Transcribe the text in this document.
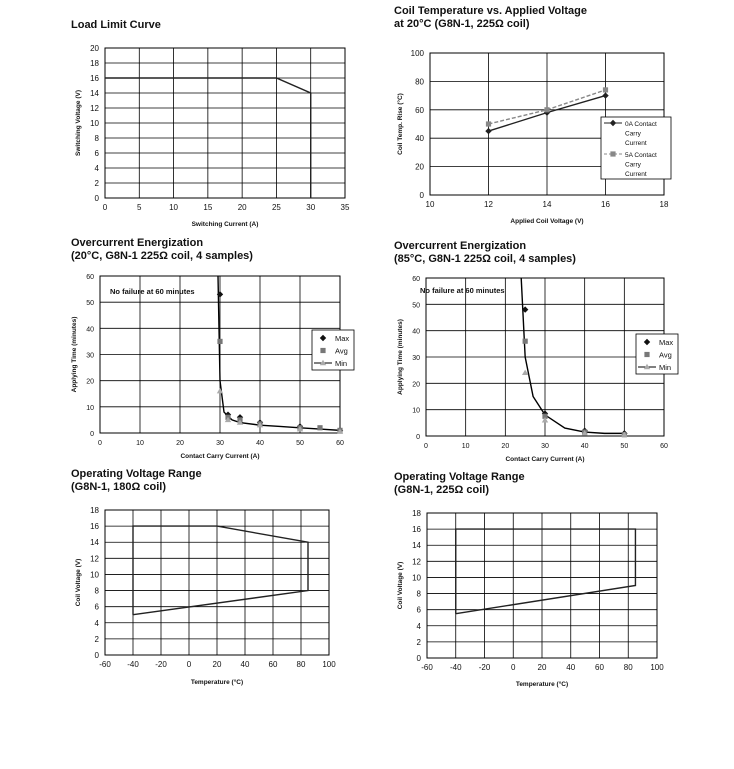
Load Limit Curve
0	5	10	15	20	25	30	35
0
2
4
6
8
10
12
14
16
18
20
Switching Current (A)
Switching Voltage (V)
Coil Temperature vs. Applied Voltage
at 20°C (G8N-1, 225Ω coil)
10	12	14	16	18
0
20
40
60
80
100
Applied Coil Voltage (V)
Coil Temp. Rise (°C)	0A Contact
Carry
Current
5A Contact
Carry
Current
Overcurrent Energization
(20°C, G8N-1 225Ω coil, 4 samples)
0	10	20	30	40	50	60
0
10
20
30
40
50
60
Contact Carry Current (A)
Applying Time (minutes)
No failure at 60 minutes
Max
Avg
Min
Overcurrent Energization
(85°C, G8N-1 225Ω coil, 4 samples)
0	10	20	30	40	50	60
0
10
20
30
40
50
60
Contact Carry Current (A)
Applying Time (minutes)
No failure at 60 minutes
Max
Avg
Min
Operating Voltage Range
(G8N-1, 180Ω coil)
-60 -40 -20 0	20 40 60 80 100
0
2
4
6
8
10
12
14
16
18
Temperature (°C)
Coil Voltage (V)
Operating Voltage Range
(G8N-1, 225Ω coil)
-60 -40 -20	0	20 40 60 80 100
0
2
4
6
8
10
12
14
16
18
Temperature (°C)
Coil Voltage (V)
